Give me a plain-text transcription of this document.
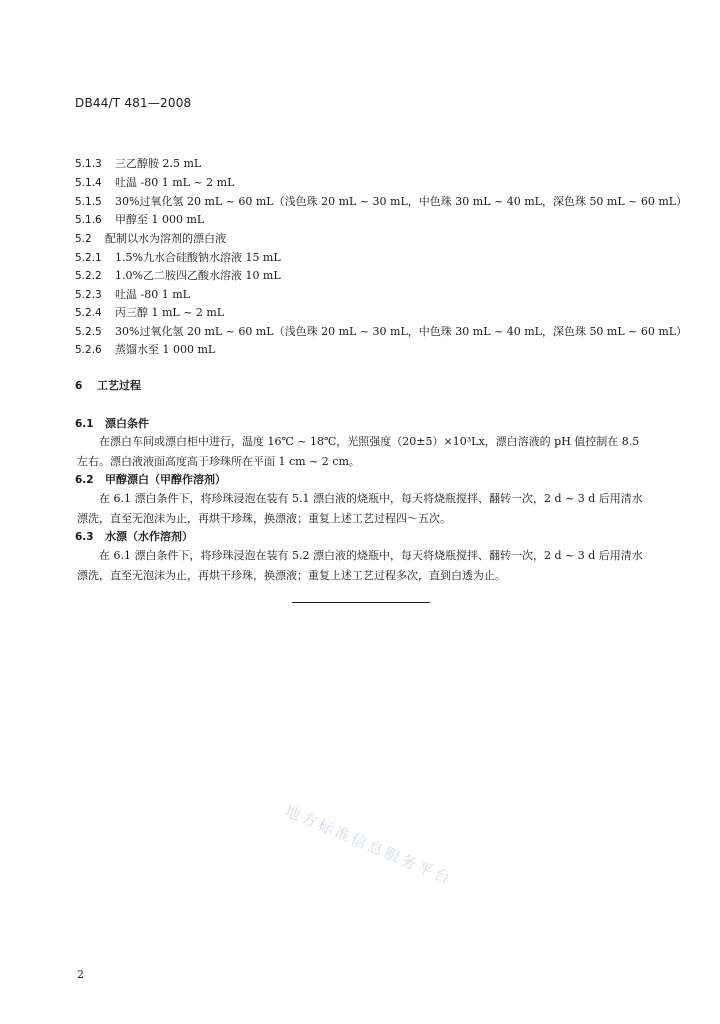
DB44/T 481—2008
5.1.3 三乙醇胺 2.5 mL
5.1.4 吐温 -80 1 mL ~ 2 mL
5.1.5 30%过氧化氢 20 mL ~ 60 mL（浅色珠 20 mL ~ 30 mL，中色珠 30 mL ~ 40 mL，深色珠 50 mL ~ 60 mL）
5.1.6 甲醇至 1 000 mL
5.2 配制以水为溶剂的漂白液
5.2.1 1.5%九水合硅酸钠水溶液 15 mL
5.2.2 1.0%乙二胺四乙酸水溶液 10 mL
5.2.3 吐温 -80 1 mL
5.2.4 丙三醇 1 mL ~ 2 mL
5.2.5 30%过氧化氢 20 mL ~ 60 mL（浅色珠 20 mL ~ 30 mL，中色珠 30 mL ~ 40 mL，深色珠 50 mL ~ 60 mL）
5.2.6 蒸馏水至 1 000 mL
6 工艺过程
6.1 漂白条件
在漂白车间或漂白柜中进行，温度 16℃ ~ 18℃，光照强度（20±5）×10³Lx，漂白溶液的 pH 值控制在 8.5 左右。漂白液液面高度高于珍珠所在平面 1 cm ~ 2 cm。
6.2 甲醇漂白（甲醇作溶剂）
在 6.1 漂白条件下，将珍珠浸泡在装有 5.1 漂白液的烧瓶中，每天将烧瓶搅拌、翻转一次，2 d ~ 3 d 后用清水漂洗，直至无泡沫为止，再烘干珍珠，换漂液；重复上述工艺过程四～五次。
6.3 水漂（水作溶剂）
在 6.1 漂白条件下，将珍珠浸泡在装有 5.2 漂白液的烧瓶中，每天将烧瓶搅拌、翻转一次，2 d ~ 3 d 后用清水漂洗，直至无泡沫为止，再烘干珍珠，换漂液；重复上述工艺过程多次，直到白透为止。
地方标准信息服务平台
2
